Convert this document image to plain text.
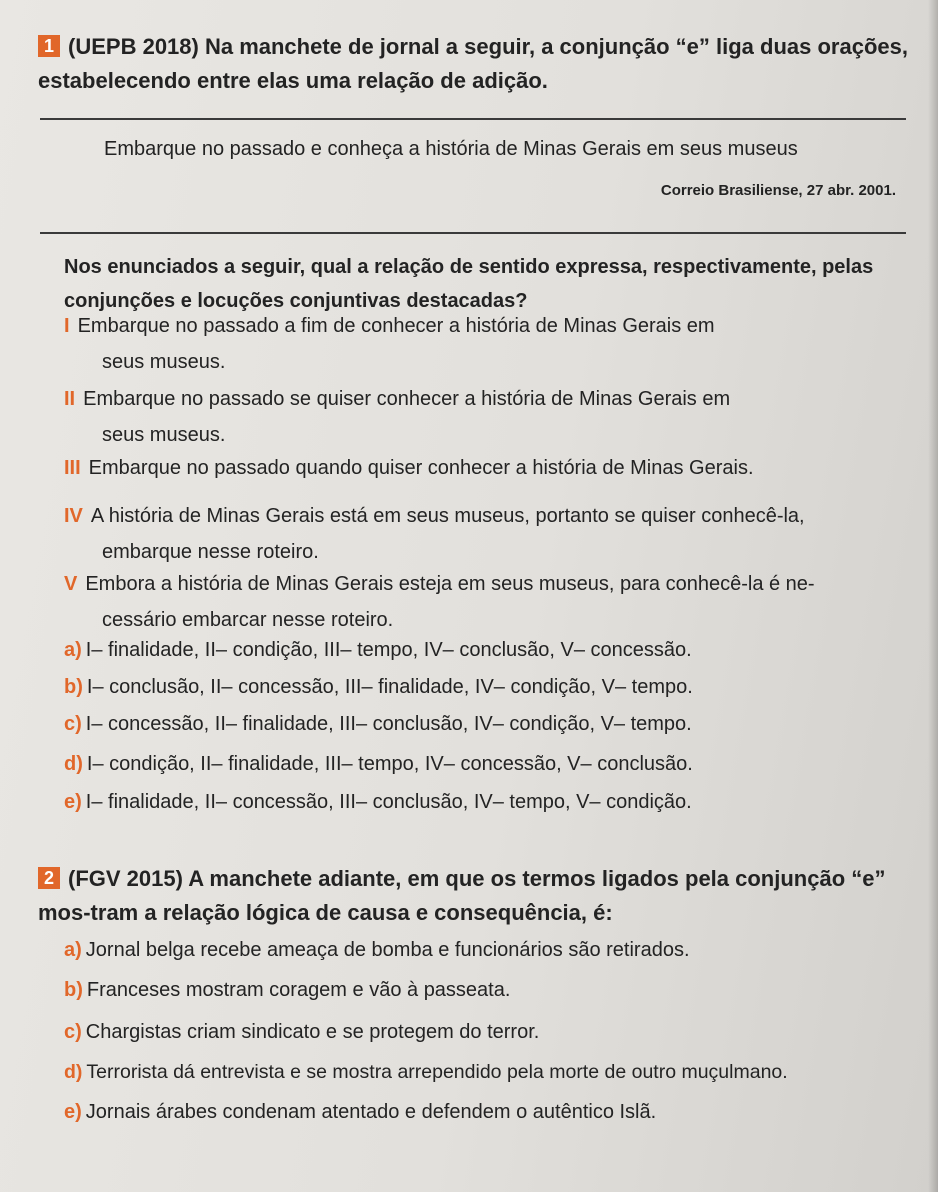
1 (UEPB 2018) Na manchete de jornal a seguir, a conjunção “e” liga duas orações, estabelecendo entre elas uma relação de adição.
Embarque no passado e conheça a história de Minas Gerais em seus museus
Correio Brasiliense, 27 abr. 2001.
Nos enunciados a seguir, qual a relação de sentido expressa, respectivamente, pelas conjunções e locuções conjuntivas destacadas?
I Embarque no passado a fim de conhecer a história de Minas Gerais em
seus museus.
II Embarque no passado se quiser conhecer a história de Minas Gerais em
seus museus.
III Embarque no passado quando quiser conhecer a história de Minas Gerais.
IV A história de Minas Gerais está em seus museus, portanto se quiser conhecê-la,
embarque nesse roteiro.
V Embora a história de Minas Gerais esteja em seus museus, para conhecê-la é ne-
cessário embarcar nesse roteiro.
a) I– finalidade, II– condição, III– tempo, IV– conclusão, V– concessão.
b) I– conclusão, II– concessão, III– finalidade, IV– condição, V– tempo.
c) I– concessão, II– finalidade, III– conclusão, IV– condição, V– tempo.
d) I– condição, II– finalidade, III– tempo, IV– concessão, V– conclusão.
e) I– finalidade, II– concessão, III– conclusão, IV– tempo, V– condição.
2 (FGV 2015) A manchete adiante, em que os termos ligados pela conjunção “e” mos-tram a relação lógica de causa e consequência, é:
a) Jornal belga recebe ameaça de bomba e funcionários são retirados.
b) Franceses mostram coragem e vão à passeata.
c) Chargistas criam sindicato e se protegem do terror.
d) Terrorista dá entrevista e se mostra arrependido pela morte de outro muçulmano.
e) Jornais árabes condenam atentado e defendem o autêntico Islã.
